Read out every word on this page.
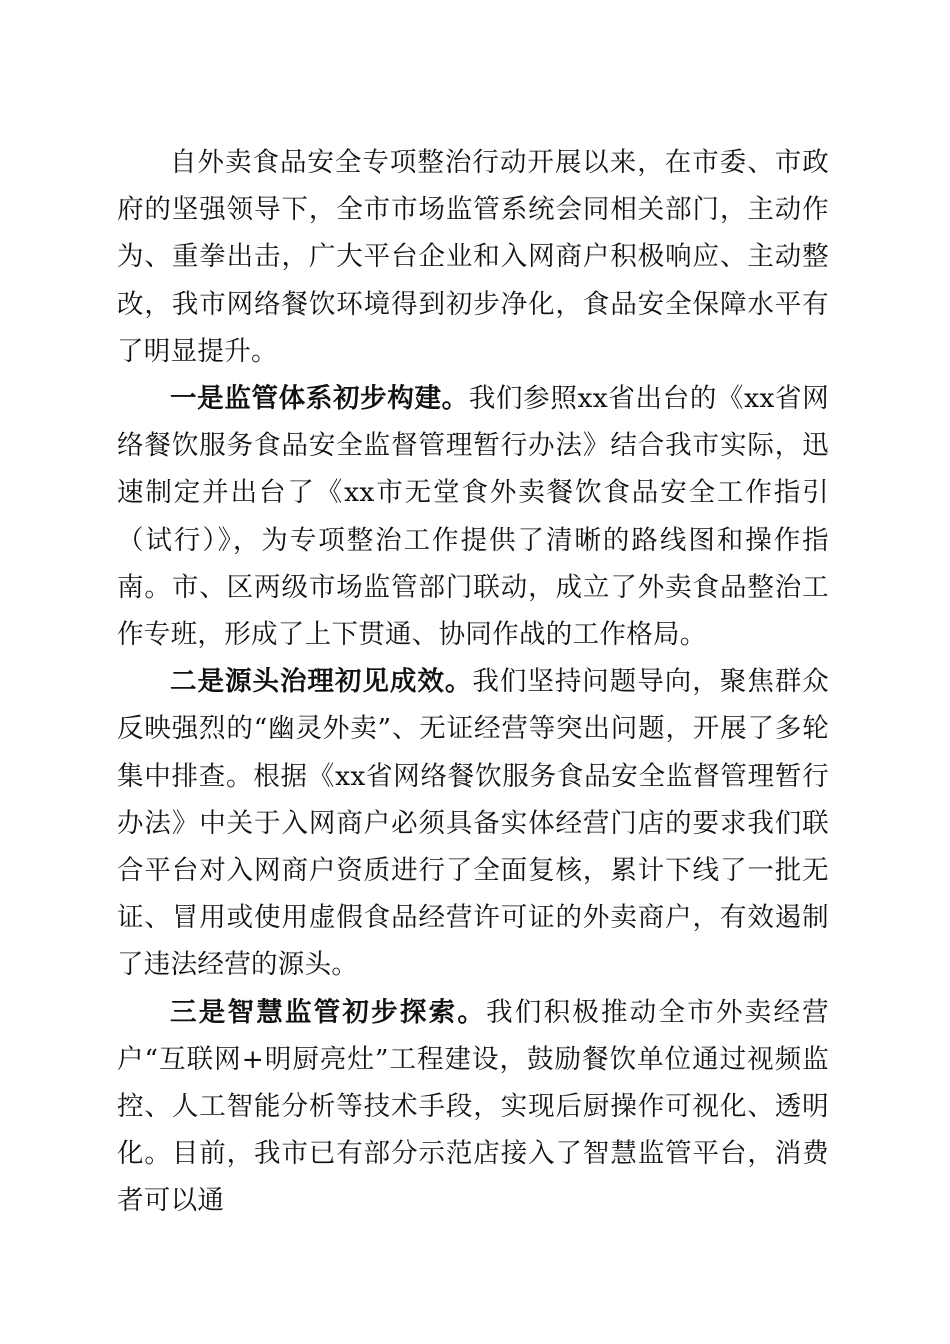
自外卖食品安全专项整治行动开展以来，在市委、市政府的坚强领导下，全市市场监管系统会同相关部门，主动作为、重拳出击，广大平台企业和入网商户积极响应、主动整改，我市网络餐饮环境得到初步净化，食品安全保障水平有了明显提升。

一是监管体系初步构建。我们参照xx省出台的《xx省网络餐饮服务食品安全监督管理暂行办法》结合我市实际，迅速制定并出台了《xx市无堂食外卖餐饮食品安全工作指引（试行）》，为专项整治工作提供了清晰的路线图和操作指南。市、区两级市场监管部门联动，成立了外卖食品整治工作专班，形成了上下贯通、协同作战的工作格局。

二是源头治理初见成效。我们坚持问题导向，聚焦群众反映强烈的“幽灵外卖”、无证经营等突出问题，开展了多轮集中排查。根据《xx省网络餐饮服务食品安全监督管理暂行办法》中关于入网商户必须具备实体经营门店的要求我们联合平台对入网商户资质进行了全面复核，累计下线了一批无证、冒用或使用虚假食品经营许可证的外卖商户，有效遏制了违法经营的源头。

三是智慧监管初步探索。我们积极推动全市外卖经营户“互联网+明厨亮灶”工程建设，鼓励餐饮单位通过视频监控、人工智能分析等技术手段，实现后厨操作可视化、透明化。目前，我市已有部分示范店接入了智慧监管平台，消费者可以通
